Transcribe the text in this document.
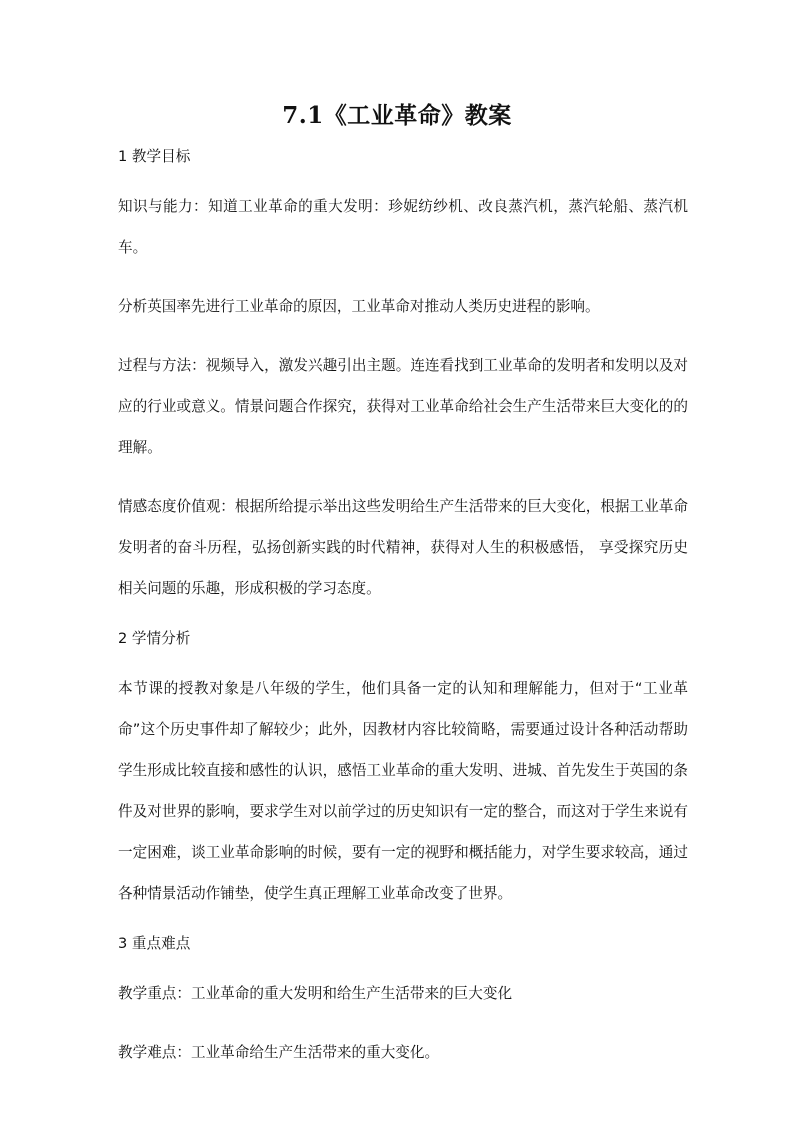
7.1《工业革命》教案
1 教学目标
知识与能力：知道工业革命的重大发明：珍妮纺纱机、改良蒸汽机，蒸汽轮船、蒸汽机车。
分析英国率先进行工业革命的原因，工业革命对推动人类历史进程的影响。
过程与方法：视频导入，激发兴趣引出主题。连连看找到工业革命的发明者和发明以及对应的行业或意义。情景问题合作探究，获得对工业革命给社会生产生活带来巨大变化的的理解。
情感态度价值观：根据所给提示举出这些发明给生产生活带来的巨大变化，根据工业革命发明者的奋斗历程，弘扬创新实践的时代精神，获得对人生的积极感悟， 享受探究历史相关问题的乐趣，形成积极的学习态度。
2 学情分析
本节课的授教对象是八年级的学生，他们具备一定的认知和理解能力，但对于“工业革命”这个历史事件却了解较少；此外，因教材内容比较简略，需要通过设计各种活动帮助学生形成比较直接和感性的认识，感悟工业革命的重大发明、进城、首先发生于英国的条件及对世界的影响，要求学生对以前学过的历史知识有一定的整合，而这对于学生来说有一定困难，谈工业革命影响的时候，要有一定的视野和概括能力，对学生要求较高，通过各种情景活动作铺垫，使学生真正理解工业革命改变了世界。
3 重点难点
教学重点：工业革命的重大发明和给生产生活带来的巨大变化
教学难点：工业革命给生产生活带来的重大变化。
